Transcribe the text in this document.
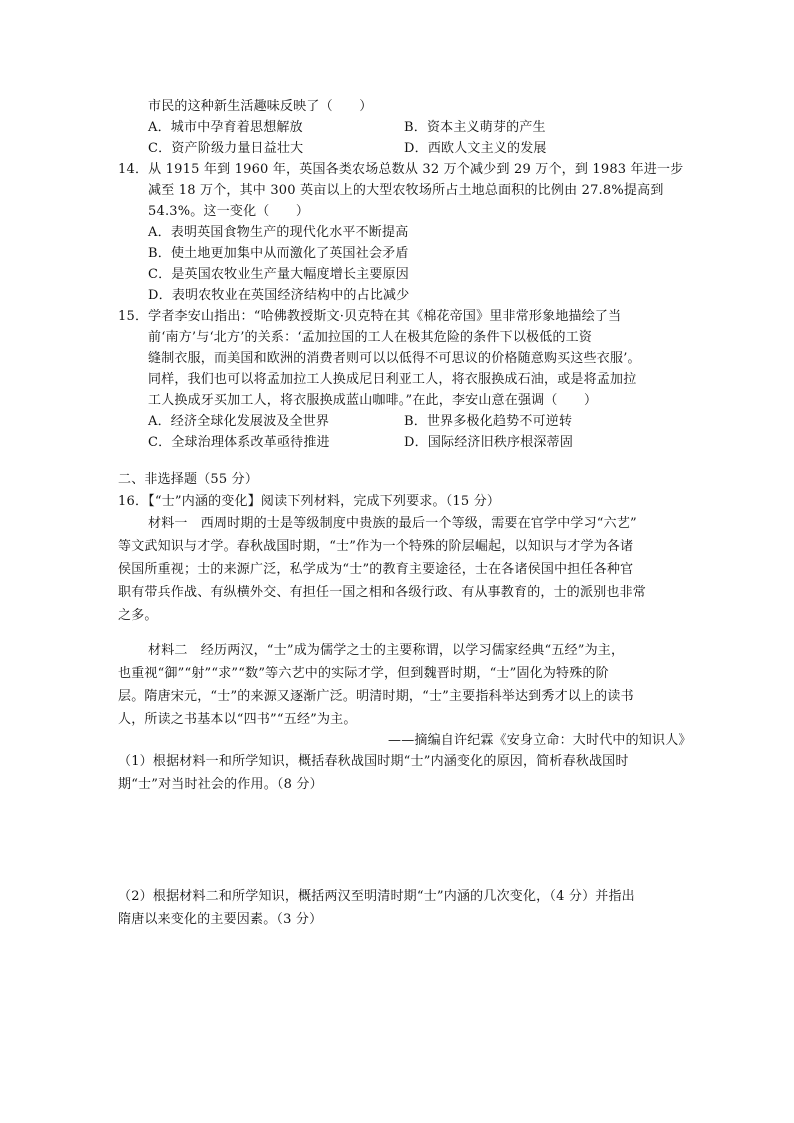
市民的这种新生活趣味反映了（　　）
A．城市中孕育着思想解放	B．资本主义萌芽的产生
C．资产阶级力量日益壮大	D．西欧人文主义的发展
14．从 1915 年到 1960 年，英国各类农场总数从 32 万个减少到 29 万个，到 1983 年进一步
减至 18 万个，其中 300 英亩以上的大型农牧场所占土地总面积的比例由 27.8%提高到
54.3%。这一变化（　　）
A．表明英国食物生产的现代化水平不断提高
B．使土地更加集中从而激化了英国社会矛盾
C．是英国农牧业生产量大幅度增长主要原因
D．表明农牧业在英国经济结构中的占比减少
15．学者李安山指出：“哈佛教授斯文·贝克特在其《棉花帝国》里非常形象地描绘了当
前‘南方’与‘北方’的关系：‘孟加拉国的工人在极其危险的条件下以极低的工资
缝制衣服，而美国和欧洲的消费者则可以以低得不可思议的价格随意购买这些衣服’。
同样，我们也可以将孟加拉工人换成尼日利亚工人，将衣服换成石油，或是将孟加拉
工人换成牙买加工人，将衣服换成蓝山咖啡。”在此，李安山意在强调（　　）
A．经济全球化发展波及全世界	B．世界多极化趋势不可逆转
C．全球治理体系改革亟待推进	D．国际经济旧秩序根深蒂固
二、非选择题（55 分）
16．【“士”内涵的变化】阅读下列材料，完成下列要求。（15 分）
材料一　西周时期的士是等级制度中贵族的最后一个等级，需要在官学中学习“六艺”
等文武知识与才学。春秋战国时期，“士”作为一个特殊的阶层崛起，以知识与才学为各诸
侯国所重视；士的来源广泛，私学成为“士”的教育主要途径，士在各诸侯国中担任各种官
职有带兵作战、有纵横外交、有担任一国之相和各级行政、有从事教育的，士的派别也非常
之多。
材料二　经历两汉，“士”成为儒学之士的主要称谓，以学习儒家经典“五经”为主，
也重视“御”“射”“求”“数”等六艺中的实际才学，但到魏晋时期，“士”固化为特殊的阶
层。隋唐宋元，“士”的来源又逐渐广泛。明清时期，“士”主要指科举达到秀才以上的读书
人，所读之书基本以“四书”“五经”为主。
——摘编自许纪霖《安身立命：大时代中的知识人》
（1）根据材料一和所学知识，概括春秋战国时期“士”内涵变化的原因，简析春秋战国时
期“士”对当时社会的作用。（8 分）
（2）根据材料二和所学知识，概括两汉至明清时期“士”内涵的几次变化，（4 分）并指出
隋唐以来变化的主要因素。（3 分）
